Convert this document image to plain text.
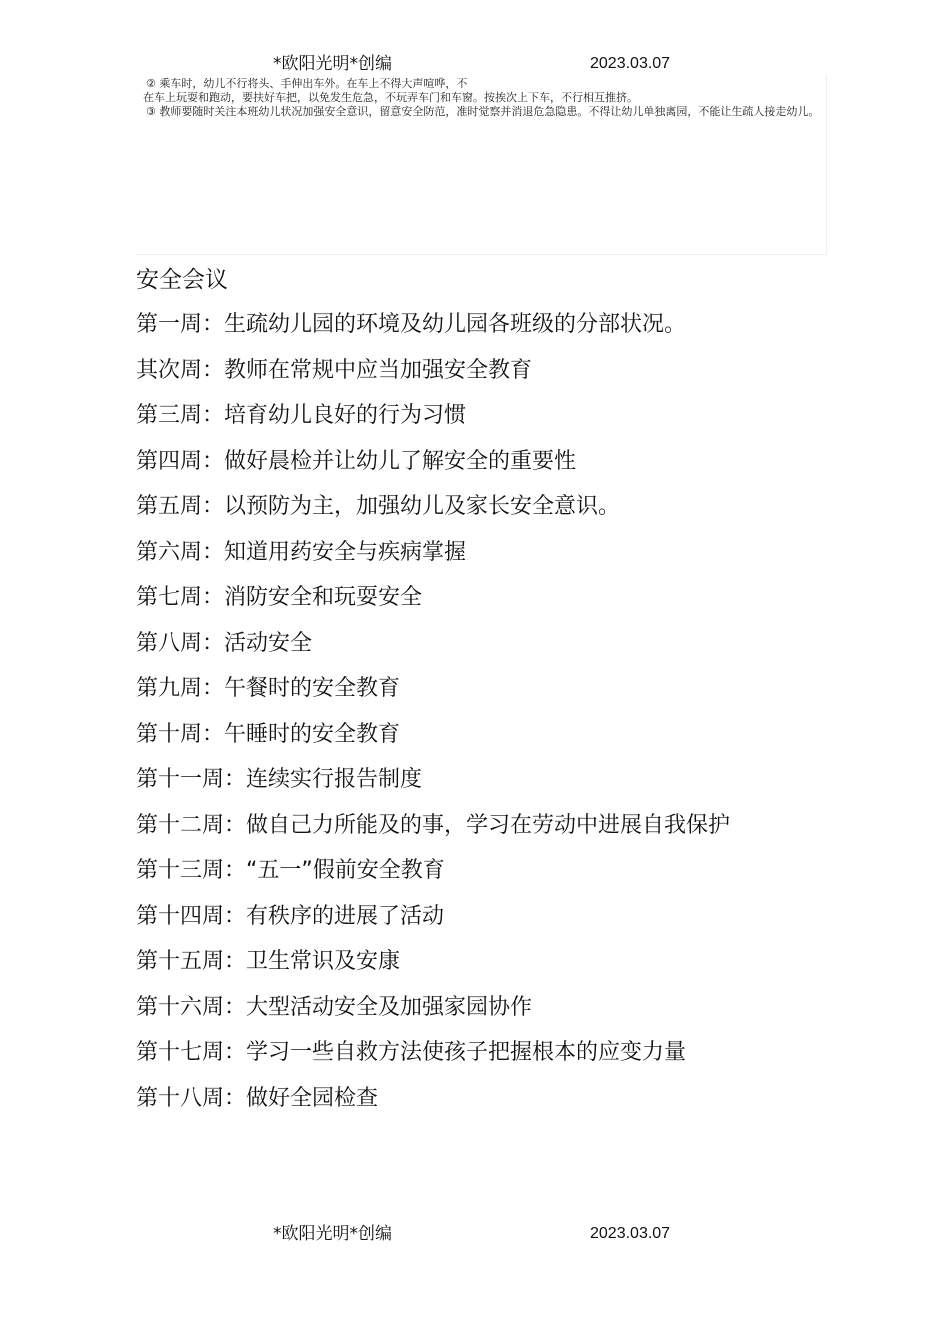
*欧阳光明*创编	2023.03.07
② 乘车时，幼儿不行将头、手伸出车外。在车上不得大声喧哗，不
在车上玩耍和跑动，要扶好车把，以免发生危急，不玩弄车门和车窗。按挨次上下车，不行相互推挤。
③ 教师要随时关注本班幼儿状况加强安全意识，留意安全防范，准时觉察并消退危急隐患。不得让幼儿单独离园，不能让生疏人接走幼儿。
安全会议
第一周：生疏幼儿园的环境及幼儿园各班级的分部状况。
其次周：教师在常规中应当加强安全教育
第三周：培育幼儿良好的行为习惯
第四周：做好晨检并让幼儿了解安全的重要性
第五周：以预防为主，加强幼儿及家长安全意识。
第六周：知道用药安全与疾病掌握
第七周：消防安全和玩耍安全
第八周：活动安全
第九周：午餐时的安全教育
第十周：午睡时的安全教育
第十一周：连续实行报告制度
第十二周：做自己力所能及的事，学习在劳动中进展自我保护
第十三周：“五一”假前安全教育
第十四周：有秩序的进展了活动
第十五周：卫生常识及安康
第十六周：大型活动安全及加强家园协作
第十七周：学习一些自救方法使孩子把握根本的应变力量
第十八周：做好全园检查
*欧阳光明*创编	2023.03.07
